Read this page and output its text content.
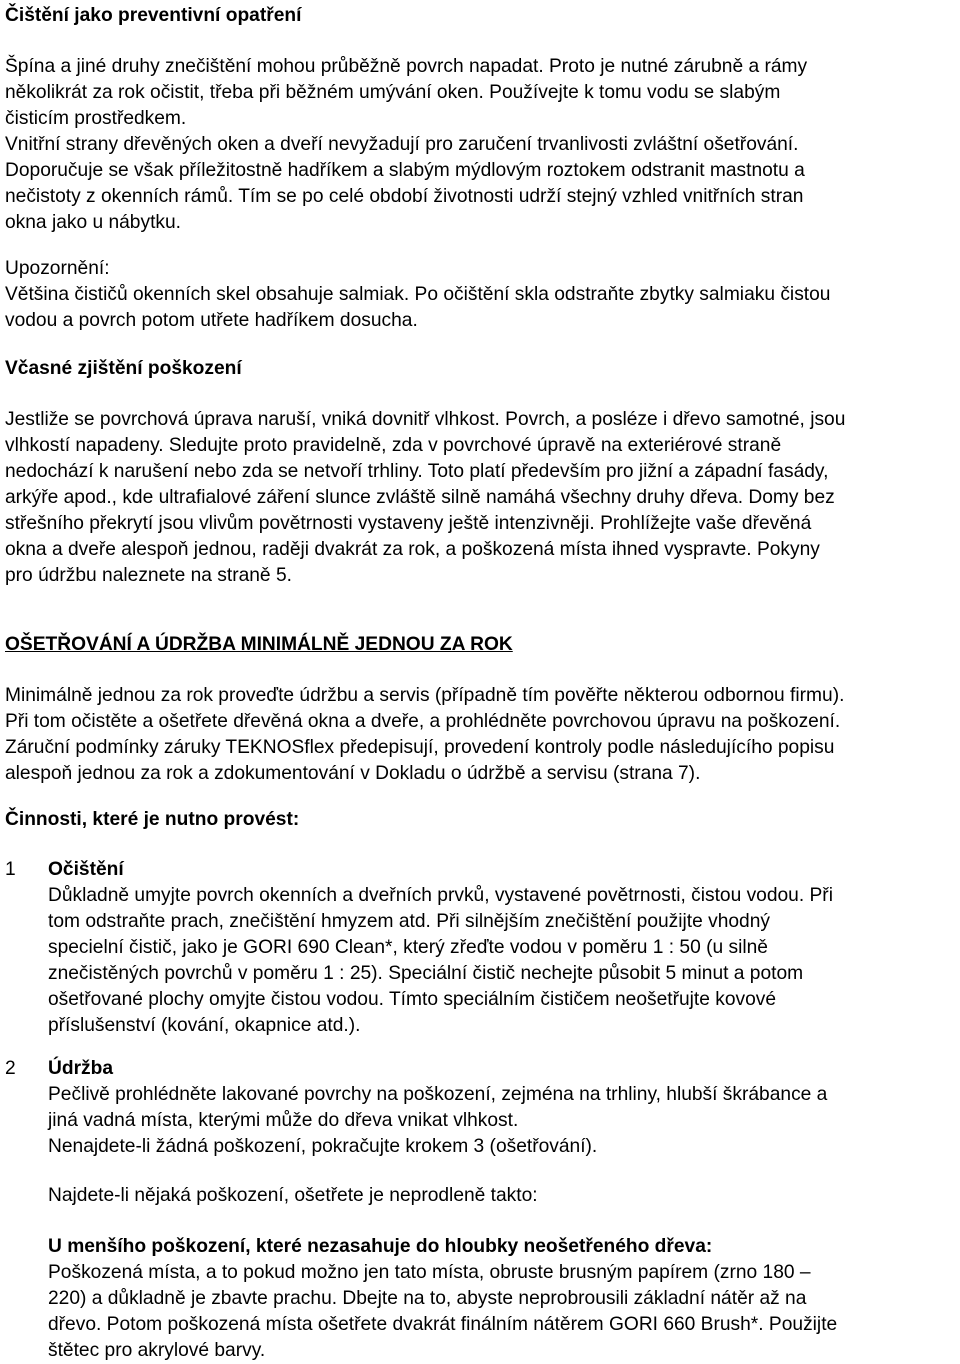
Čištění jako preventivní opatření
Špína a jiné druhy znečištění mohou průběžně povrch napadat. Proto je nutné zárubně a rámy
několikrát za rok očistit, třeba při běžném umývání oken. Používejte k tomu vodu se slabým
čisticím prostředkem.
Vnitřní strany dřevěných oken a dveří nevyžadují pro zaručení trvanlivosti zvláštní ošetřování.
Doporučuje se však příležitostně hadříkem a slabým mýdlovým roztokem odstranit mastnotu a
nečistoty z okenních rámů. Tím se po celé období životnosti udrží stejný vzhled vnitřních stran
okna jako u nábytku.
Upozornění:
Většina čističů okenních skel obsahuje salmiak. Po očištění skla odstraňte zbytky salmiaku čistou
vodou a povrch potom utřete hadříkem dosucha.
Včasné zjištění poškození
Jestliže se povrchová úprava naruší, vniká dovnitř vlhkost. Povrch, a posléze i dřevo samotné, jsou
vlhkostí napadeny. Sledujte proto pravidelně, zda v povrchové úpravě na exteriérové straně
nedochází k narušení nebo zda se netvoří trhliny. Toto platí především pro jižní a západní fasády,
arkýře apod., kde ultrafialové záření slunce zvláště silně namáhá všechny druhy dřeva. Domy bez
střešního překrytí jsou vlivům povětrnosti vystaveny ještě intenzivněji. Prohlížejte vaše dřevěná
okna a dveře alespoň jednou, raději dvakrát za rok, a poškozená místa ihned vyspravte. Pokyny
pro údržbu naleznete na straně 5.
OŠETŘOVÁNÍ A ÚDRŽBA MINIMÁLNĚ JEDNOU ZA ROK
Minimálně jednou za rok proveďte údržbu a servis (případně tím pověřte některou odbornou firmu).
Při tom očistěte a ošetřete dřevěná okna a dveře, a prohlédněte povrchovou úpravu na poškození.
Záruční podmínky záruky TEKNOSflex předepisují, provedení kontroly podle následujícího popisu
alespoň jednou za rok a zdokumentování v Dokladu o údržbě a servisu (strana 7).
Činnosti, které je nutno provést:
1	Očištění
Důkladně umyjte povrch okenních a dveřních prvků, vystavené povětrnosti, čistou vodou. Při
tom odstraňte prach, znečištění hmyzem atd. Při silnějším znečištění použijte vhodný
specielní čistič, jako je GORI 690 Clean*, který zřeďte vodou v poměru 1 : 50 (u silně
znečistěných povrchů v poměru 1 : 25). Speciální čistič nechejte působit 5 minut a potom
ošetřované plochy omyjte čistou vodou. Tímto speciálním čističem neošetřujte kovové
příslušenství (kování, okapnice atd.).
2	Údržba
Pečlivě prohlédněte lakované povrchy na poškození, zejména na trhliny, hlubší škrábance a
jiná vadná místa, kterými může do dřeva vnikat vlhkost.
Nenajdete-li žádná poškození, pokračujte krokem 3 (ošetřování).
Najdete-li nějaká poškození, ošetřete je neprodleně takto:
U menšího poškození, které nezasahuje do hloubky neošetřeného dřeva:
Poškozená místa, a to pokud možno jen tato místa, obruste brusným papírem (zrno 180 –
220) a důkladně je zbavte prachu. Dbejte na to, abyste neprobrousili základní nátěr až na
dřevo. Potom poškozená místa ošetřete dvakrát finálním nátěrem GORI 660 Brush*. Použijte
štětec pro akrylové barvy.
